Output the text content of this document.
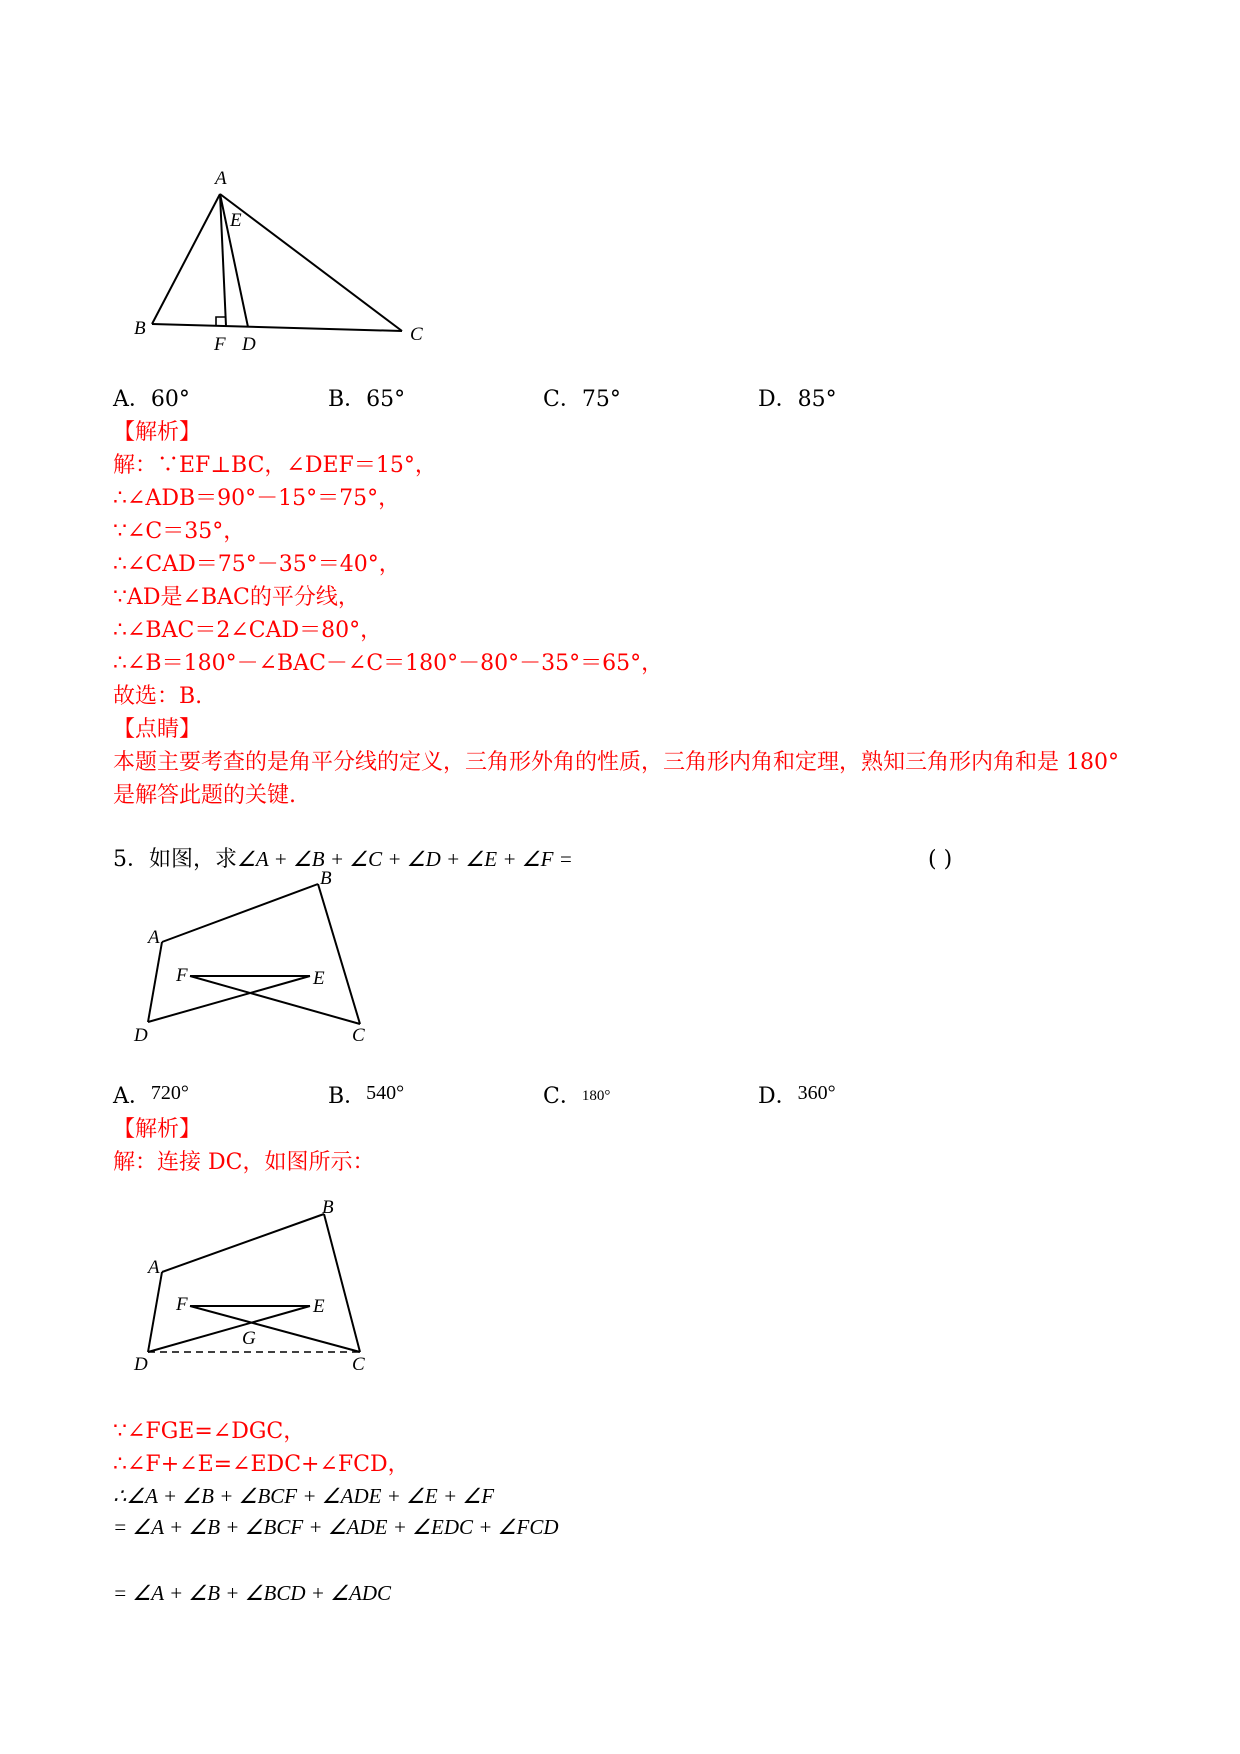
A
E
B
F D	C
A．60°	B．65°	C．75°	D．85°
【解析】
解：∵EF⊥BC，∠DEF＝15°，
∴∠ADB＝90°－15°＝75°，
∵∠C＝35°，
∴∠CAD＝75°－35°＝40°，
∵AD是∠BAC的平分线，
∴∠BAC＝2∠CAD＝80°，
∴∠B＝180°－∠BAC－∠C＝180°－80°－35°＝65°，
故选：B.
【点睛】
本题主要考查的是角平分线的定义，三角形外角的性质，三角形内角和定理，熟知三角形内角和是 180° 是解答此题的关键.
5．如图，求∠A + ∠B + ∠C + ∠D + ∠E + ∠F =	( )
B
A
F	E
D	C
A．720°	B．540°	C．180°	D．360°
【解析】
解：连接 DC，如图所示：
B
A
F	E
G
D	C
∵∠FGE=∠DGC，
∴∠F+∠E=∠EDC+∠FCD，
∴∠A + ∠B + ∠BCF + ∠ADE + ∠E + ∠F
= ∠A + ∠B + ∠BCF + ∠ADE + ∠EDC + ∠FCD
= ∠A + ∠B + ∠BCD + ∠ADC
